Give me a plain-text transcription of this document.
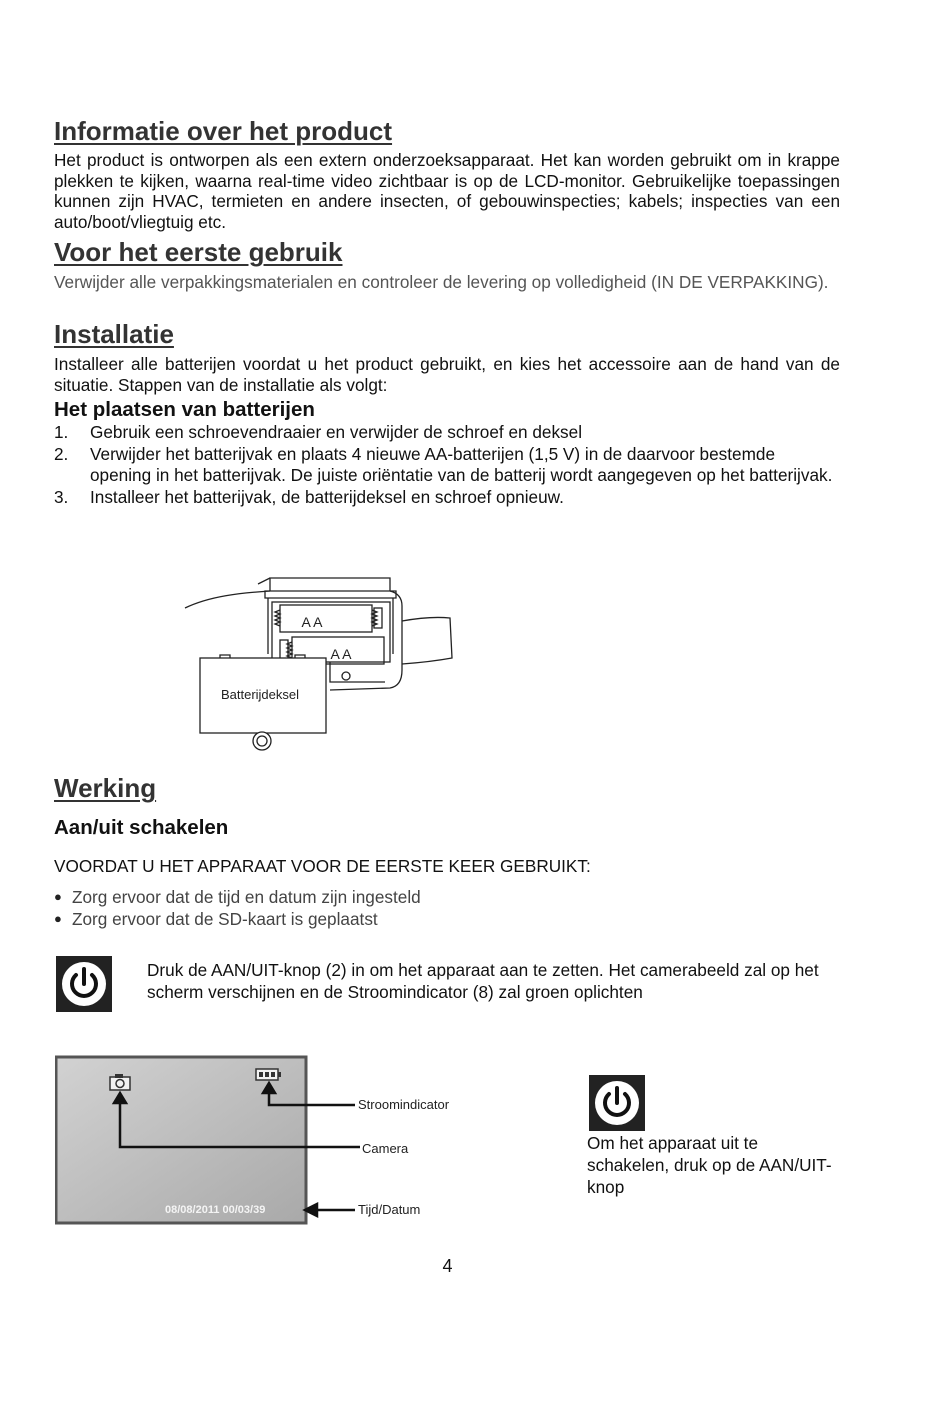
Informatie over het product

Het product is ontworpen als een extern onderzoeksapparaat. Het kan worden gebruikt om in krappe plekken te kijken, waarna real-time video zichtbaar is op de LCD-monitor. Gebruikelijke toepassingen kunnen zijn HVAC, termieten en andere insecten, of gebouwinspecties; kabels; inspecties van een auto/boot/vliegtuig etc.

Voor het eerste gebruik

Verwijder alle verpakkingsmaterialen en controleer de levering op volledigheid (IN DE VERPAKKING).

Installatie

Installeer alle batterijen voordat u het product gebruikt, en kies het accessoire aan de hand van de situatie. Stappen van de installatie als volgt:

Het plaatsen van batterijen
1.	Gebruik een schroevendraaier en verwijder de schroef en deksel
2.	Verwijder het batterijvak en plaats 4 nieuwe AA-batterijen (1,5 V) in de daarvoor bestemde opening in het batterijvak. De juiste oriëntatie van de batterij wordt aangegeven op het batterijvak.
3.	Installeer het batterijvak, de batterijdeksel en schroef opnieuw.
A A
A A
Batterijdeksel
Werking
Aan/uit schakelen

VOORDAT U HET APPARAAT VOOR DE EERSTE KEER GEBRUIKT:

● Zorg ervoor dat de tijd en datum zijn ingesteld
● Zorg ervoor dat de SD-kaart is geplaatst

Druk de AAN/UIT-knop (2) in om het apparaat aan te zetten. Het camerabeeld zal op het scherm verschijnen en de Stroomindicator (8) zal groen oplichten

08/08/2011 00/03/39
Stroomindicator
Camera
Tijd/Datum

Om het apparaat uit te schakelen, druk op de AAN/UIT-knop

4
